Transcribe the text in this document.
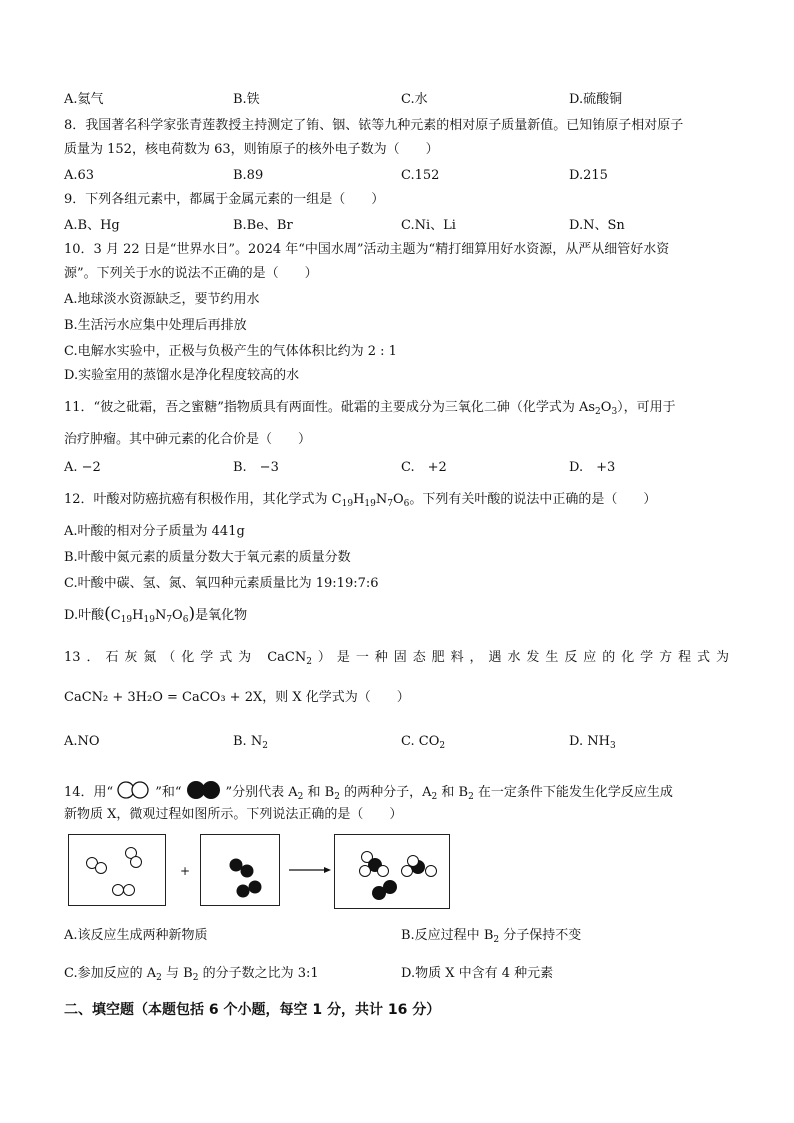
A.氦气	B.铁	C.水	D.硫酸铜
8．我国著名科学家张青莲教授主持测定了铕、铟、铱等九种元素的相对原子质量新值。已知铕原子相对原子
质量为 152，核电荷数为 63，则铕原子的核外电子数为（　　）
A.63	B.89	C.152	D.215
9．下列各组元素中，都属于金属元素的一组是（　　）
A.B、Hg	B.Be、Br	C.Ni、Li	D.N、Sn
10．3 月 22 日是“世界水日”。2024 年“中国水周”活动主题为“精打细算用好水资源，从严从细管好水资
源”。下列关于水的说法不正确的是（　　）
A.地球淡水资源缺乏，要节约用水
B.生活污水应集中处理后再排放
C.电解水实验中，正极与负极产生的气体体积比约为 2 : 1
D.实验室用的蒸馏水是净化程度较高的水
11．“彼之砒霜，吾之蜜糖”指物质具有两面性。砒霜的主要成分为三氧化二砷（化学式为 $As_2O_3$），可用于
治疗肿瘤。其中砷元素的化合价是（　　）
A. −2	B.　−3	C.　+2	D.　+3
12．叶酸对防癌抗癌有积极作用，其化学式为 $C_{19}H_{19}N_7O_6$。下列有关叶酸的说法中正确的是（　　）
A.叶酸的相对分子质量为 441g
B.叶酸中氮元素的质量分数大于氧元素的质量分数
C.叶酸中碳、氢、氮、氧四种元素质量比为 19:19:7:6
D.叶酸$(C_{19}H_{19}N_7O_6)$是氧化物
13．石灰氮（化学式为 CaCN$_2$）是一种固态肥料，遇水发生反应的化学方程式为
CaCN₂ + 3H₂O = CaCO₃ + 2X，则 X 化学式为（　　）
A.NO	B. $N_2$	C. $CO_2$	D. $NH_3$
14．用“	”和“	”分别代表 $A_2$ 和 $B_2$ 的两种分子，$A_2$ 和 $B_2$ 在一定条件下能发生化学反应生成
新物质 X，微观过程如图所示。下列说法正确的是（　　）
+
A.该反应生成两种新物质	B.反应过程中 $B_2$ 分子保持不变
C.参加反应的 $A_2$ 与 $B_2$ 的分子数之比为 3:1	D.物质 X 中含有 4 种元素
二、填空题（本题包括 6 个小题，每空 1 分，共计 16 分）
